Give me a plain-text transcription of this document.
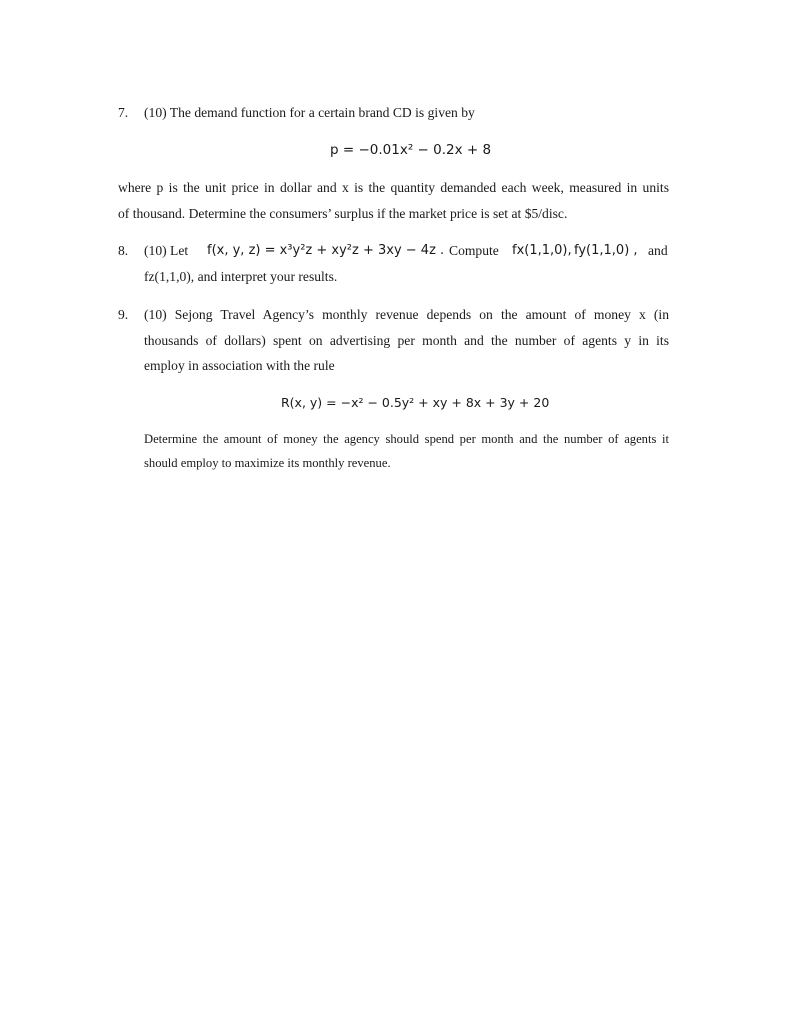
7. (10) The demand function for a certain brand CD is given by
p = −0.01x² − 0.2x + 8
where p is the unit price in dollar and x is the quantity demanded each week, measured in units
of thousand. Determine the consumers’ surplus if the market price is set at $5/disc.
8. (10) Let f(x, y, z) = x³y²z + xy²z + 3xy − 4z . Compute fx(1,1,0), fy(1,1,0) , and
fz(1,1,0), and interpret your results.
9. (10) Sejong Travel Agency’s monthly revenue depends on the amount of money x (in
thousands of dollars) spent on advertising per month and the number of agents y in its
employ in association with the rule
R(x, y) = −x² − 0.5y² + xy + 8x + 3y + 20
Determine the amount of money the agency should spend per month and the number of agents it
should employ to maximize its monthly revenue.
